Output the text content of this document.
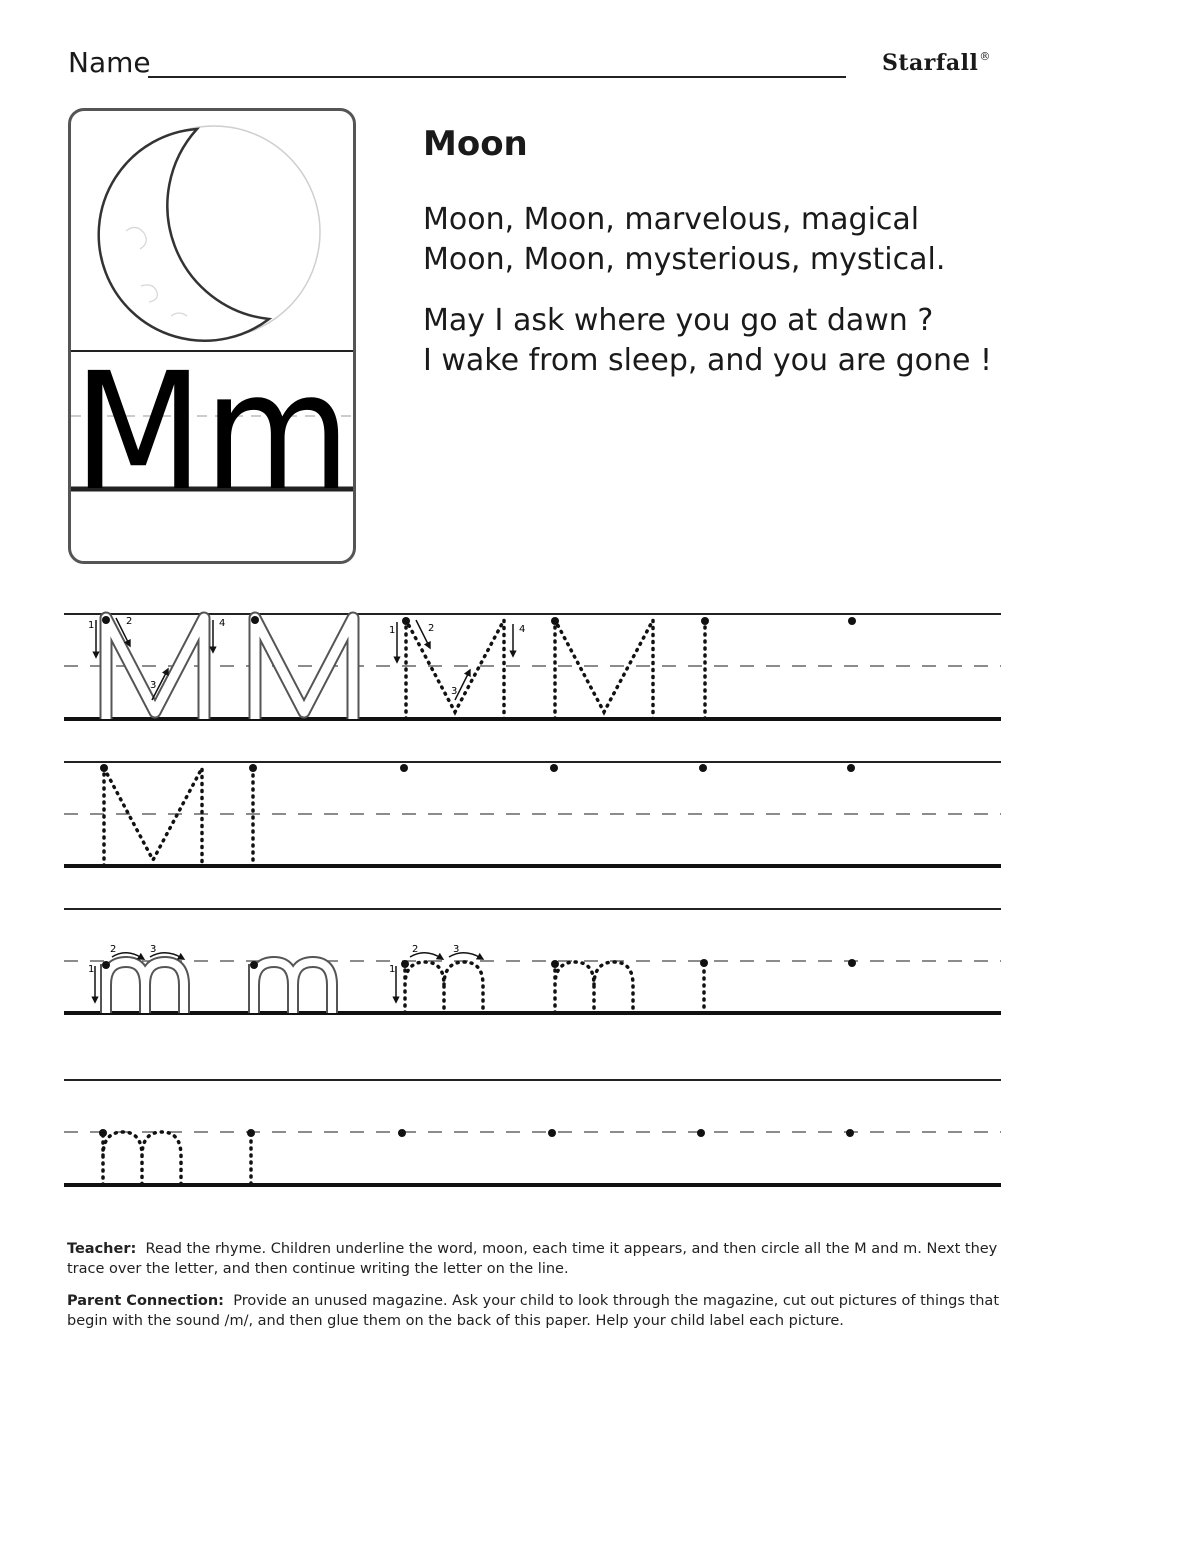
Name	Starfall®
Mm
Moon

Moon, Moon, marvelous, magical

Moon, Moon, mysterious, mystical.

May I ask where you go at dawn ?

I wake from sleep, and you are gone !

1	2
3
4
1	2
3
4
1
2	3
1
2	3
Teacher: Read the rhyme. Children underline the word, moon, each time it appears, and then circle all the M and m. Next they trace over the letter, and then continue writing the letter on the line.
Parent Connection: Provide an unused magazine. Ask your child to look through the magazine, cut out pictures of things that begin with the sound /m/, and then glue them on the back of this paper. Help your child label each picture.
